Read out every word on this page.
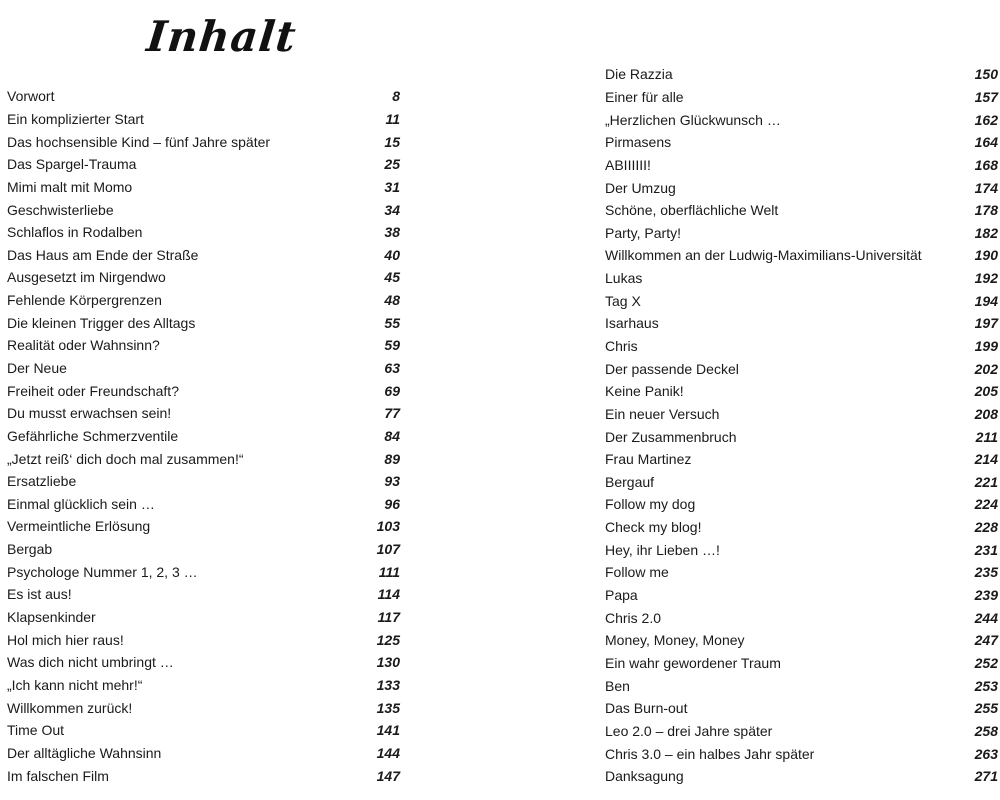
Inhalt
Vorwort	8
Ein komplizierter Start	11
Das hochsensible Kind – fünf Jahre später	15
Das Spargel-Trauma	25
Mimi malt mit Momo	31
Geschwisterliebe	34
Schlaflos in Rodalben	38
Das Haus am Ende der Straße	40
Ausgesetzt im Nirgendwo	45
Fehlende Körpergrenzen	48
Die kleinen Trigger des Alltags	55
Realität oder Wahnsinn?	59
Der Neue	63
Freiheit oder Freundschaft?	69
Du musst erwachsen sein!	77
Gefährliche Schmerzventile	84
„Jetzt reiß‘ dich doch mal zusammen!“	89
Ersatzliebe	93
Einmal glücklich sein …	96
Vermeintliche Erlösung	103
Bergab	107
Psychologe Nummer 1, 2, 3 …	111
Es ist aus!	114
Klapsenkinder	117
Hol mich hier raus!	125
Was dich nicht umbringt …	130
„Ich kann nicht mehr!“	133
Willkommen zurück!	135
Time Out	141
Der alltägliche Wahnsinn	144
Im falschen Film	147
Die Razzia	150
Einer für alle	157
„Herzlichen Glückwunsch …	162
Pirmasens	164
ABIIIIII!	168
Der Umzug	174
Schöne, oberflächliche Welt	178
Party, Party!	182
Willkommen an der Ludwig-Maximilians-Universität	190
Lukas	192
Tag X	194
Isarhaus	197
Chris	199
Der passende Deckel	202
Keine Panik!	205
Ein neuer Versuch	208
Der Zusammenbruch	211
Frau Martinez	214
Bergauf	221
Follow my dog	224
Check my blog!	228
Hey, ihr Lieben …!	231
Follow me	235
Papa	239
Chris 2.0	244
Money, Money, Money	247
Ein wahr gewordener Traum	252
Ben	253
Das Burn-out	255
Leo 2.0 – drei Jahre später	258
Chris 3.0 – ein halbes Jahr später	263
Danksagung	271
